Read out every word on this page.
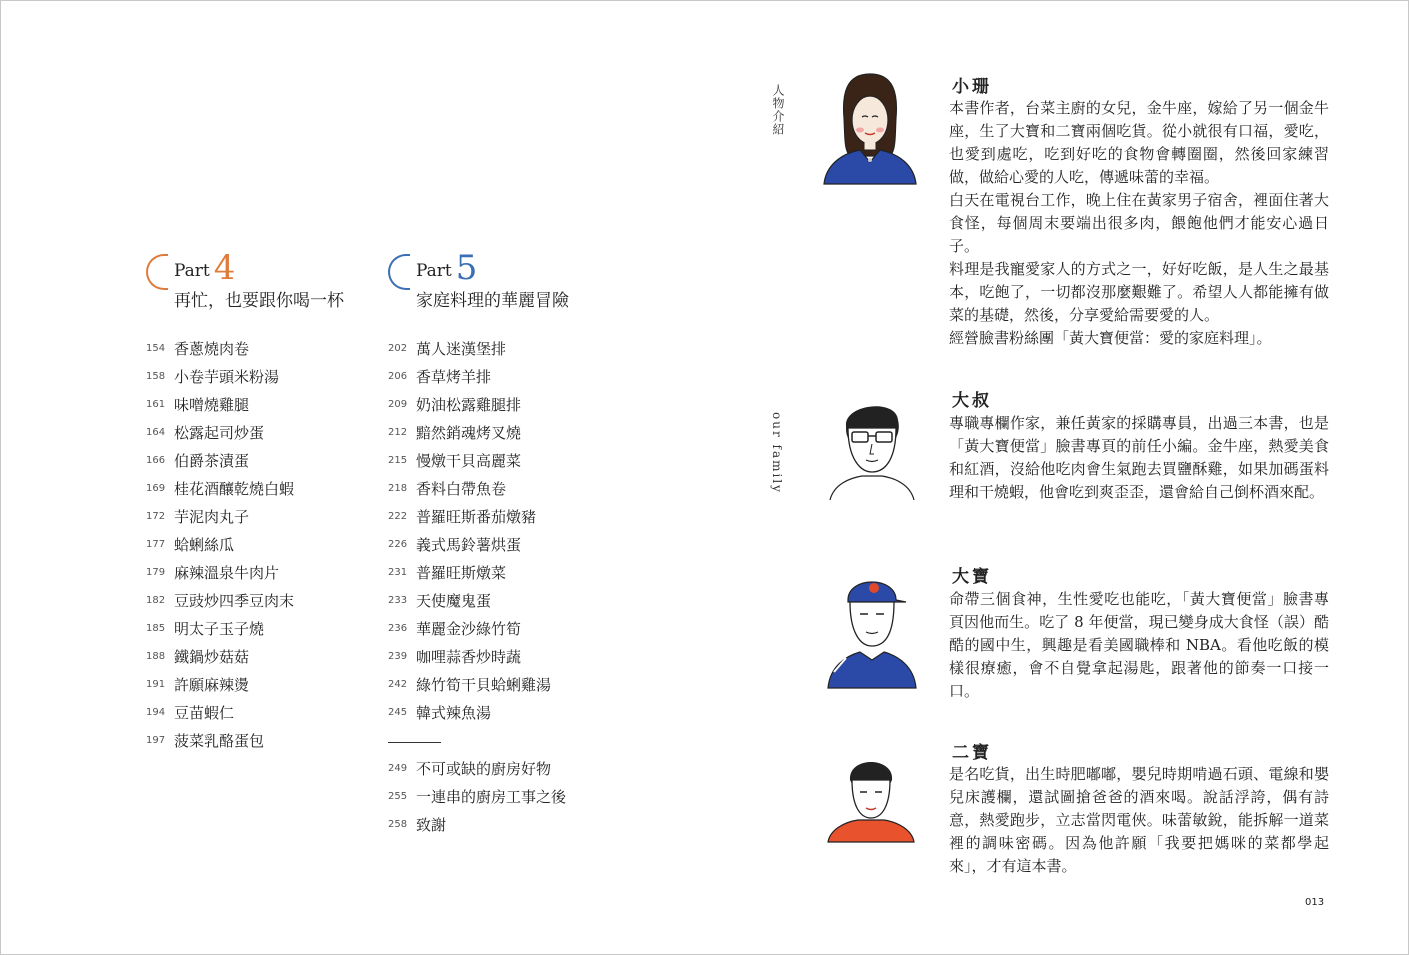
Part 4
再忙，也要跟你喝一杯
154 香蔥燒肉卷
158 小卷芋頭米粉湯
161 味噌燒雞腿
164 松露起司炒蛋
166 伯爵茶漬蛋
169 桂花酒釀乾燒白蝦
172 芋泥肉丸子
177 蛤蜊絲瓜
179 麻辣溫泉牛肉片
182 豆豉炒四季豆肉末
185 明太子玉子燒
188 鐵鍋炒菇菇
191 許願麻辣燙
194 豆苗蝦仁
197 菠菜乳酪蛋包
Part 5
家庭料理的華麗冒險
202 萬人迷漢堡排
206 香草烤羊排
209 奶油松露雞腿排
212 黯然銷魂烤叉燒
215 慢燉干貝高麗菜
218 香料白帶魚卷
222 普羅旺斯番茄燉豬
226 義式馬鈴薯烘蛋
231 普羅旺斯燉菜
233 天使魔鬼蛋
236 華麗金沙綠竹筍
239 咖哩蒜香炒時蔬
242 綠竹筍干貝蛤蜊雞湯
245 韓式辣魚湯
249 不可或缺的廚房好物
255 一連串的廚房工事之後
258 致謝
人物介紹
our family
小珊

本書作者，台菜主廚的女兒，金牛座，嫁給了另一個金牛座，生了大寶和二寶兩個吃貨。從小就很有口福，愛吃，也愛到處吃，吃到好吃的食物會轉圈圈，然後回家練習做，做給心愛的人吃，傳遞味蕾的幸福。

白天在電視台工作，晚上住在黃家男子宿舍，裡面住著大食怪，每個周末要端出很多肉，餵飽他們才能安心過日子。

料理是我寵愛家人的方式之一，好好吃飯，是人生之最基本，吃飽了，一切都沒那麼艱難了。希望人人都能擁有做菜的基礎，然後，分享愛給需要愛的人。

經營臉書粉絲團「黃大寶便當：愛的家庭料理」。

大叔

專職專欄作家，兼任黃家的採購專員，出過三本書，也是「黃大寶便當」臉書專頁的前任小編。金牛座，熱愛美食和紅酒，沒給他吃肉會生氣跑去買鹽酥雞，如果加碼蛋料理和干燒蝦，他會吃到爽歪歪，還會給自己倒杯酒來配。

大寶

命帶三個食神，生性愛吃也能吃，「黃大寶便當」臉書專頁因他而生。吃了 8 年便當，現已變身成大食怪（誤）酷酷的國中生，興趣是看美國職棒和 NBA。看他吃飯的模樣很療癒，會不自覺拿起湯匙，跟著他的節奏一口接一口。

二寶

是名吃貨，出生時肥嘟嘟，嬰兒時期啃過石頭、電線和嬰兒床護欄，還試圖搶爸爸的酒來喝。說話浮誇，偶有詩意，熱愛跑步，立志當閃電俠。味蕾敏銳，能拆解一道菜裡的調味密碼。因為他許願「我要把媽咪的菜都學起來」，才有這本書。

013
